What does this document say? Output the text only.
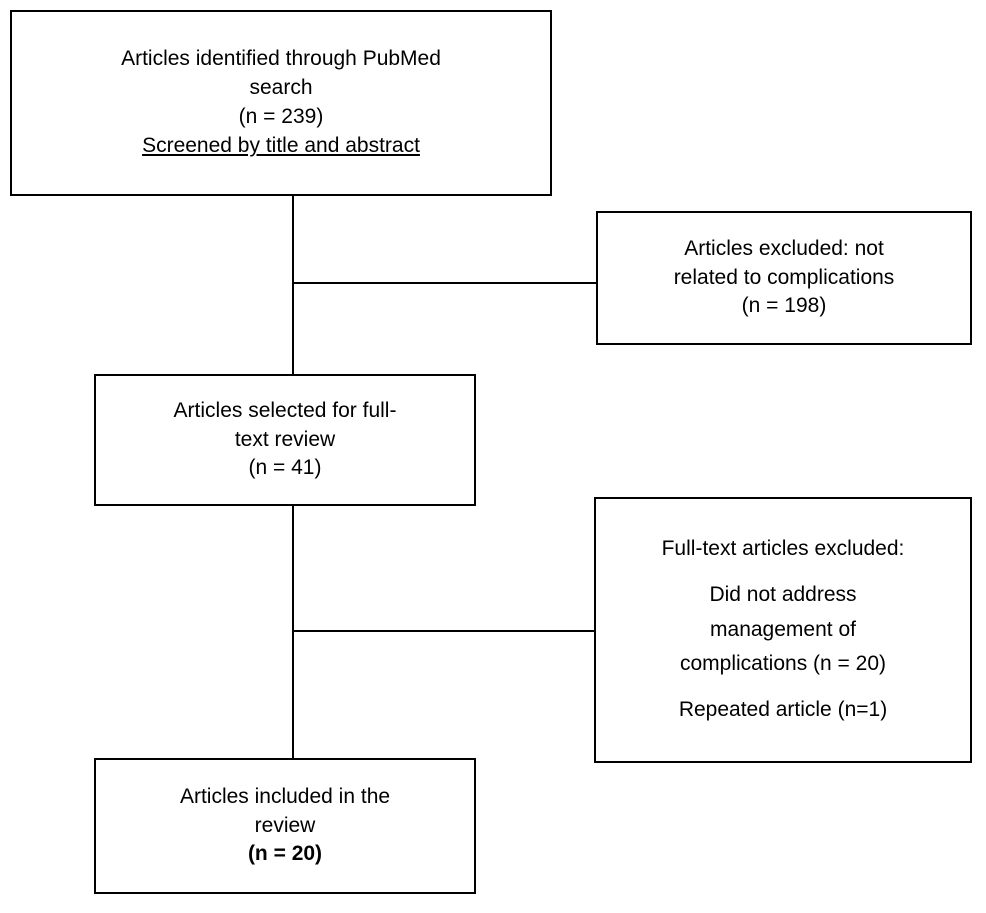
Articles identified through PubMed
search
(n = 239)
Screened by title and abstract
Articles excluded: not
related to complications
(n = 198)
Articles selected for full-
text review
(n = 41)
Full-text articles excluded:
Did not address
management of
complications (n = 20)
Repeated article (n=1)
Articles included in the
review
(n = 20)
